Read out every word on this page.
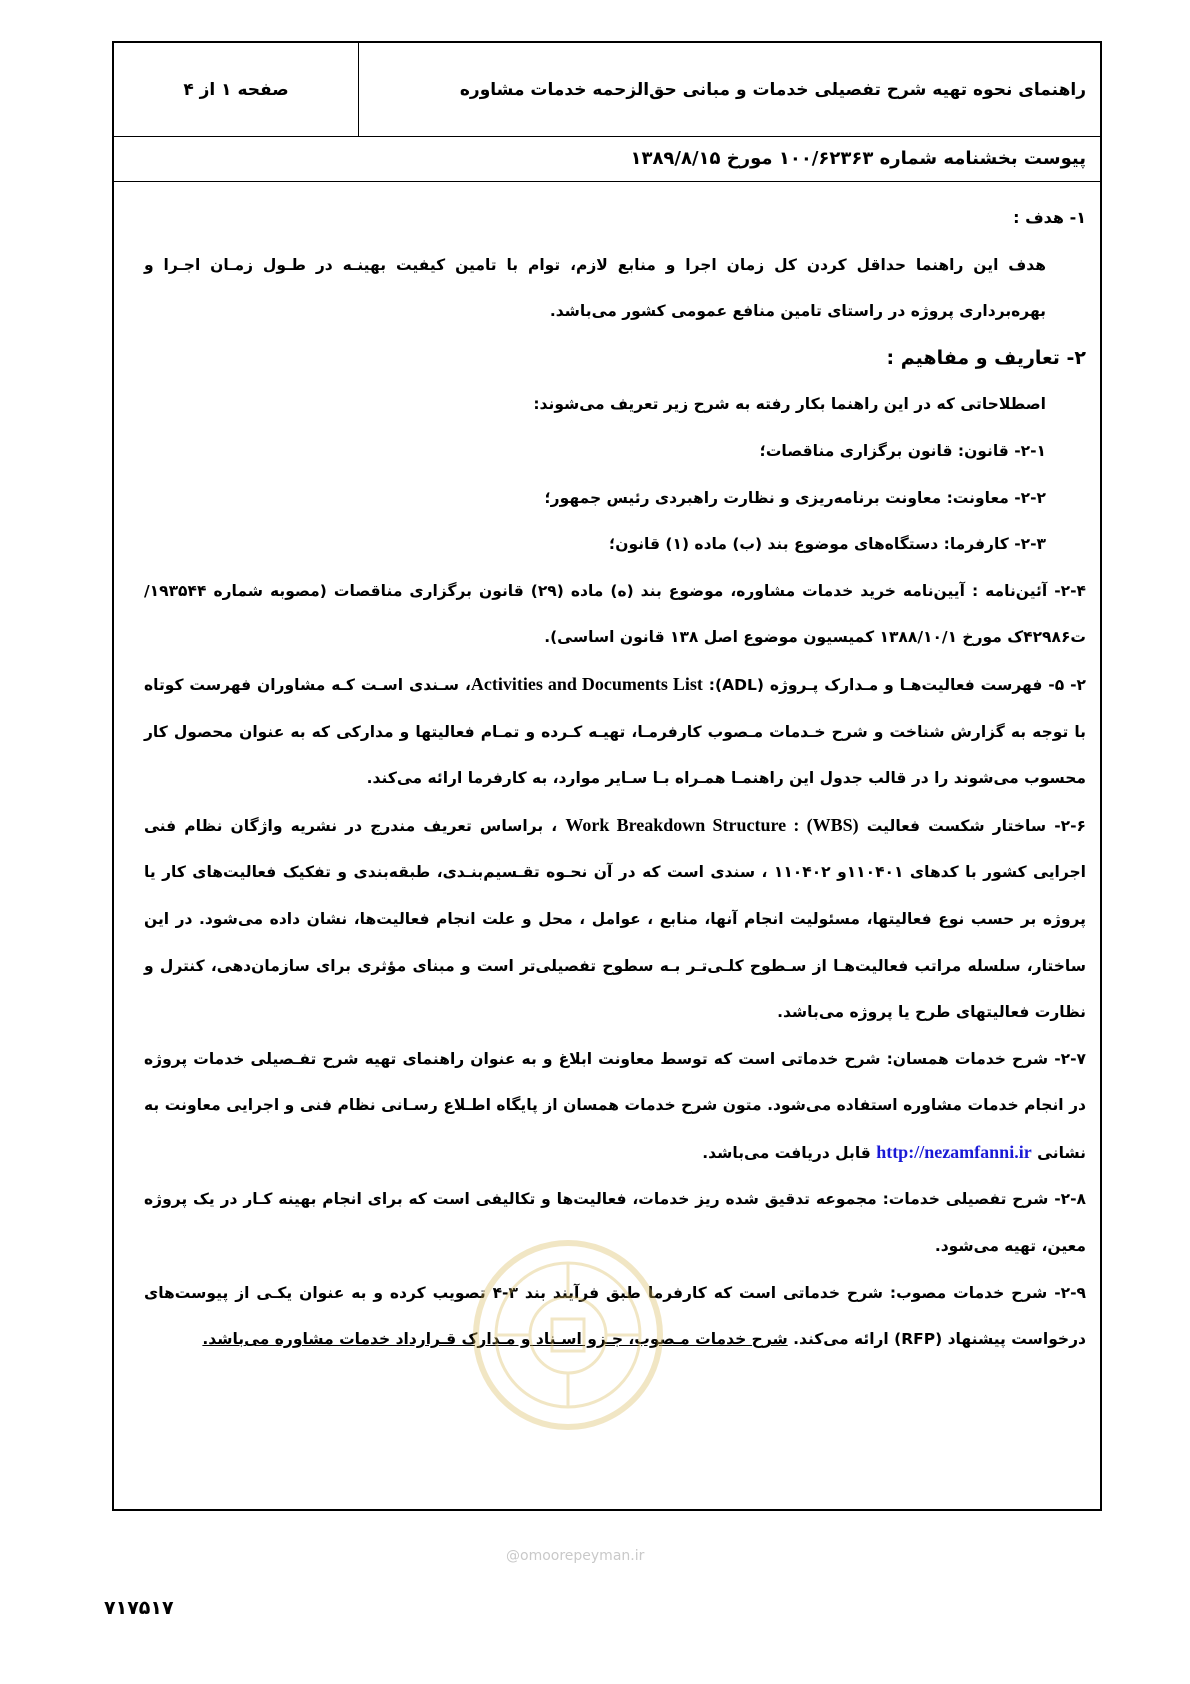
راهنمای نحوه تهیه شرح تفصیلی خدمات و مبانی حق‌الزحمه خدمات مشاوره
صفحه ۱ از ۴
پیوست بخشنامه شماره ۱۰۰/۶۲۳۶۳ مورخ ۱۳۸۹/۸/۱۵

۱- هدف :

هدف این راهنما حداقل کردن کل زمان اجرا و منابع لازم، توام با تامین کیفیت بهینـه در طـول زمـان اجـرا و بهره‌برداری پروژه در راستای تامین منافع عمومی کشور می‌باشد.

۲- تعاریف و مفاهیم :

اصطلاحاتی که در این راهنما بکار رفته به شرح زیر تعریف می‌شوند:

۲-۱- قانون: قانون برگزاری مناقصات؛

۲-۲- معاونت: معاونت برنامه‌ریزی و نظارت راهبردی رئیس جمهور؛

۲-۳- کارفرما: دستگاه‌های موضوع بند (ب) ماده (۱) قانون؛

۲-۴- آئین‌نامه : آیین‌نامه خرید خدمات مشاوره، موضوع بند (ه) ماده (۲۹) قانون برگزاری مناقصات (مصوبه شماره ۱۹۳۵۴۴/ت۴۲۹۸۶ک مورخ ۱۳۸۸/۱۰/۱ کمیسیون موضوع اصل ۱۳۸ قانون اساسی).

۲- ۵- فهرست فعالیت‌هـا و مـدارک پـروژه (ADL): Activities and Documents List، سـندی اسـت کـه مشاوران فهرست کوتاه با توجه به گزارش شناخت و شرح خـدمات مـصوب کارفرمـا، تهیـه کـرده و تمـام فعالیتها و مدارکی که به عنوان محصول کار محسوب می‌شوند را در قالب جدول این راهنمـا همـراه بـا سـایر موارد، به کارفرما ارائه می‌کند.

۲-۶- ساختار شکست فعالیت Work Breakdown Structure : (WBS) ، براساس تعریف مندرج در نشریه واژگان نظام فنی اجرایی کشور با کدهای ۱۱۰۴۰۱و ۱۱۰۴۰۲ ، سندی است که در آن نحـوه تقـسیم‌بنـدی، طبقه‌بندی و تفکیک فعالیت‌های کار یا پروژه بر حسب نوع فعالیتها، مسئولیت انجام آنها، منابع ، عوامل ، محل و علت انجام فعالیت‌ها، نشان داده می‌شود. در این ساختار، سلسله مراتب فعالیت‌هـا از سـطوح کلـی‌تـر بـه سطوح تفصیلی‌تر است و مبنای مؤثری برای سازمان‌دهی، کنترل و نظارت فعالیتهای طرح یا پروژه می‌باشد.

۲-۷- شرح خدمات همسان: شرح خدماتی است که توسط معاونت ابلاغ و به عنوان راهنمای تهیه شرح تفـصیلی خدمات پروژه در انجام خدمات مشاوره استفاده می‌شود. متون شرح خدمات همسان از پایگاه اطـلاع رسـانی نظام فنی و اجرایی معاونت به نشانی http://nezamfanni.ir قابل دریافت می‌باشد.

۲-۸- شرح تفصیلی خدمات: مجموعه تدقیق شده ریز خدمات، فعالیت‌ها و تکالیفی است که برای انجام بهینه کـار در یک پروژه معین، تهیه می‌شود.

۲-۹- شرح خدمات مصوب: شرح خدماتی است که کارفرما طبق فرآیند بند ۳-۴ تصویب کرده و به عنوان یکـی از پیوست‌های درخواست پیشنهاد (RFP) ارائه می‌کند. شرح خدمات مـصوب، جـزو اسـناد و مـدارک قـرارداد خدمات مشاوره می‌باشد.

@omoorepeyman.ir
۷۱۷۵۱۷
